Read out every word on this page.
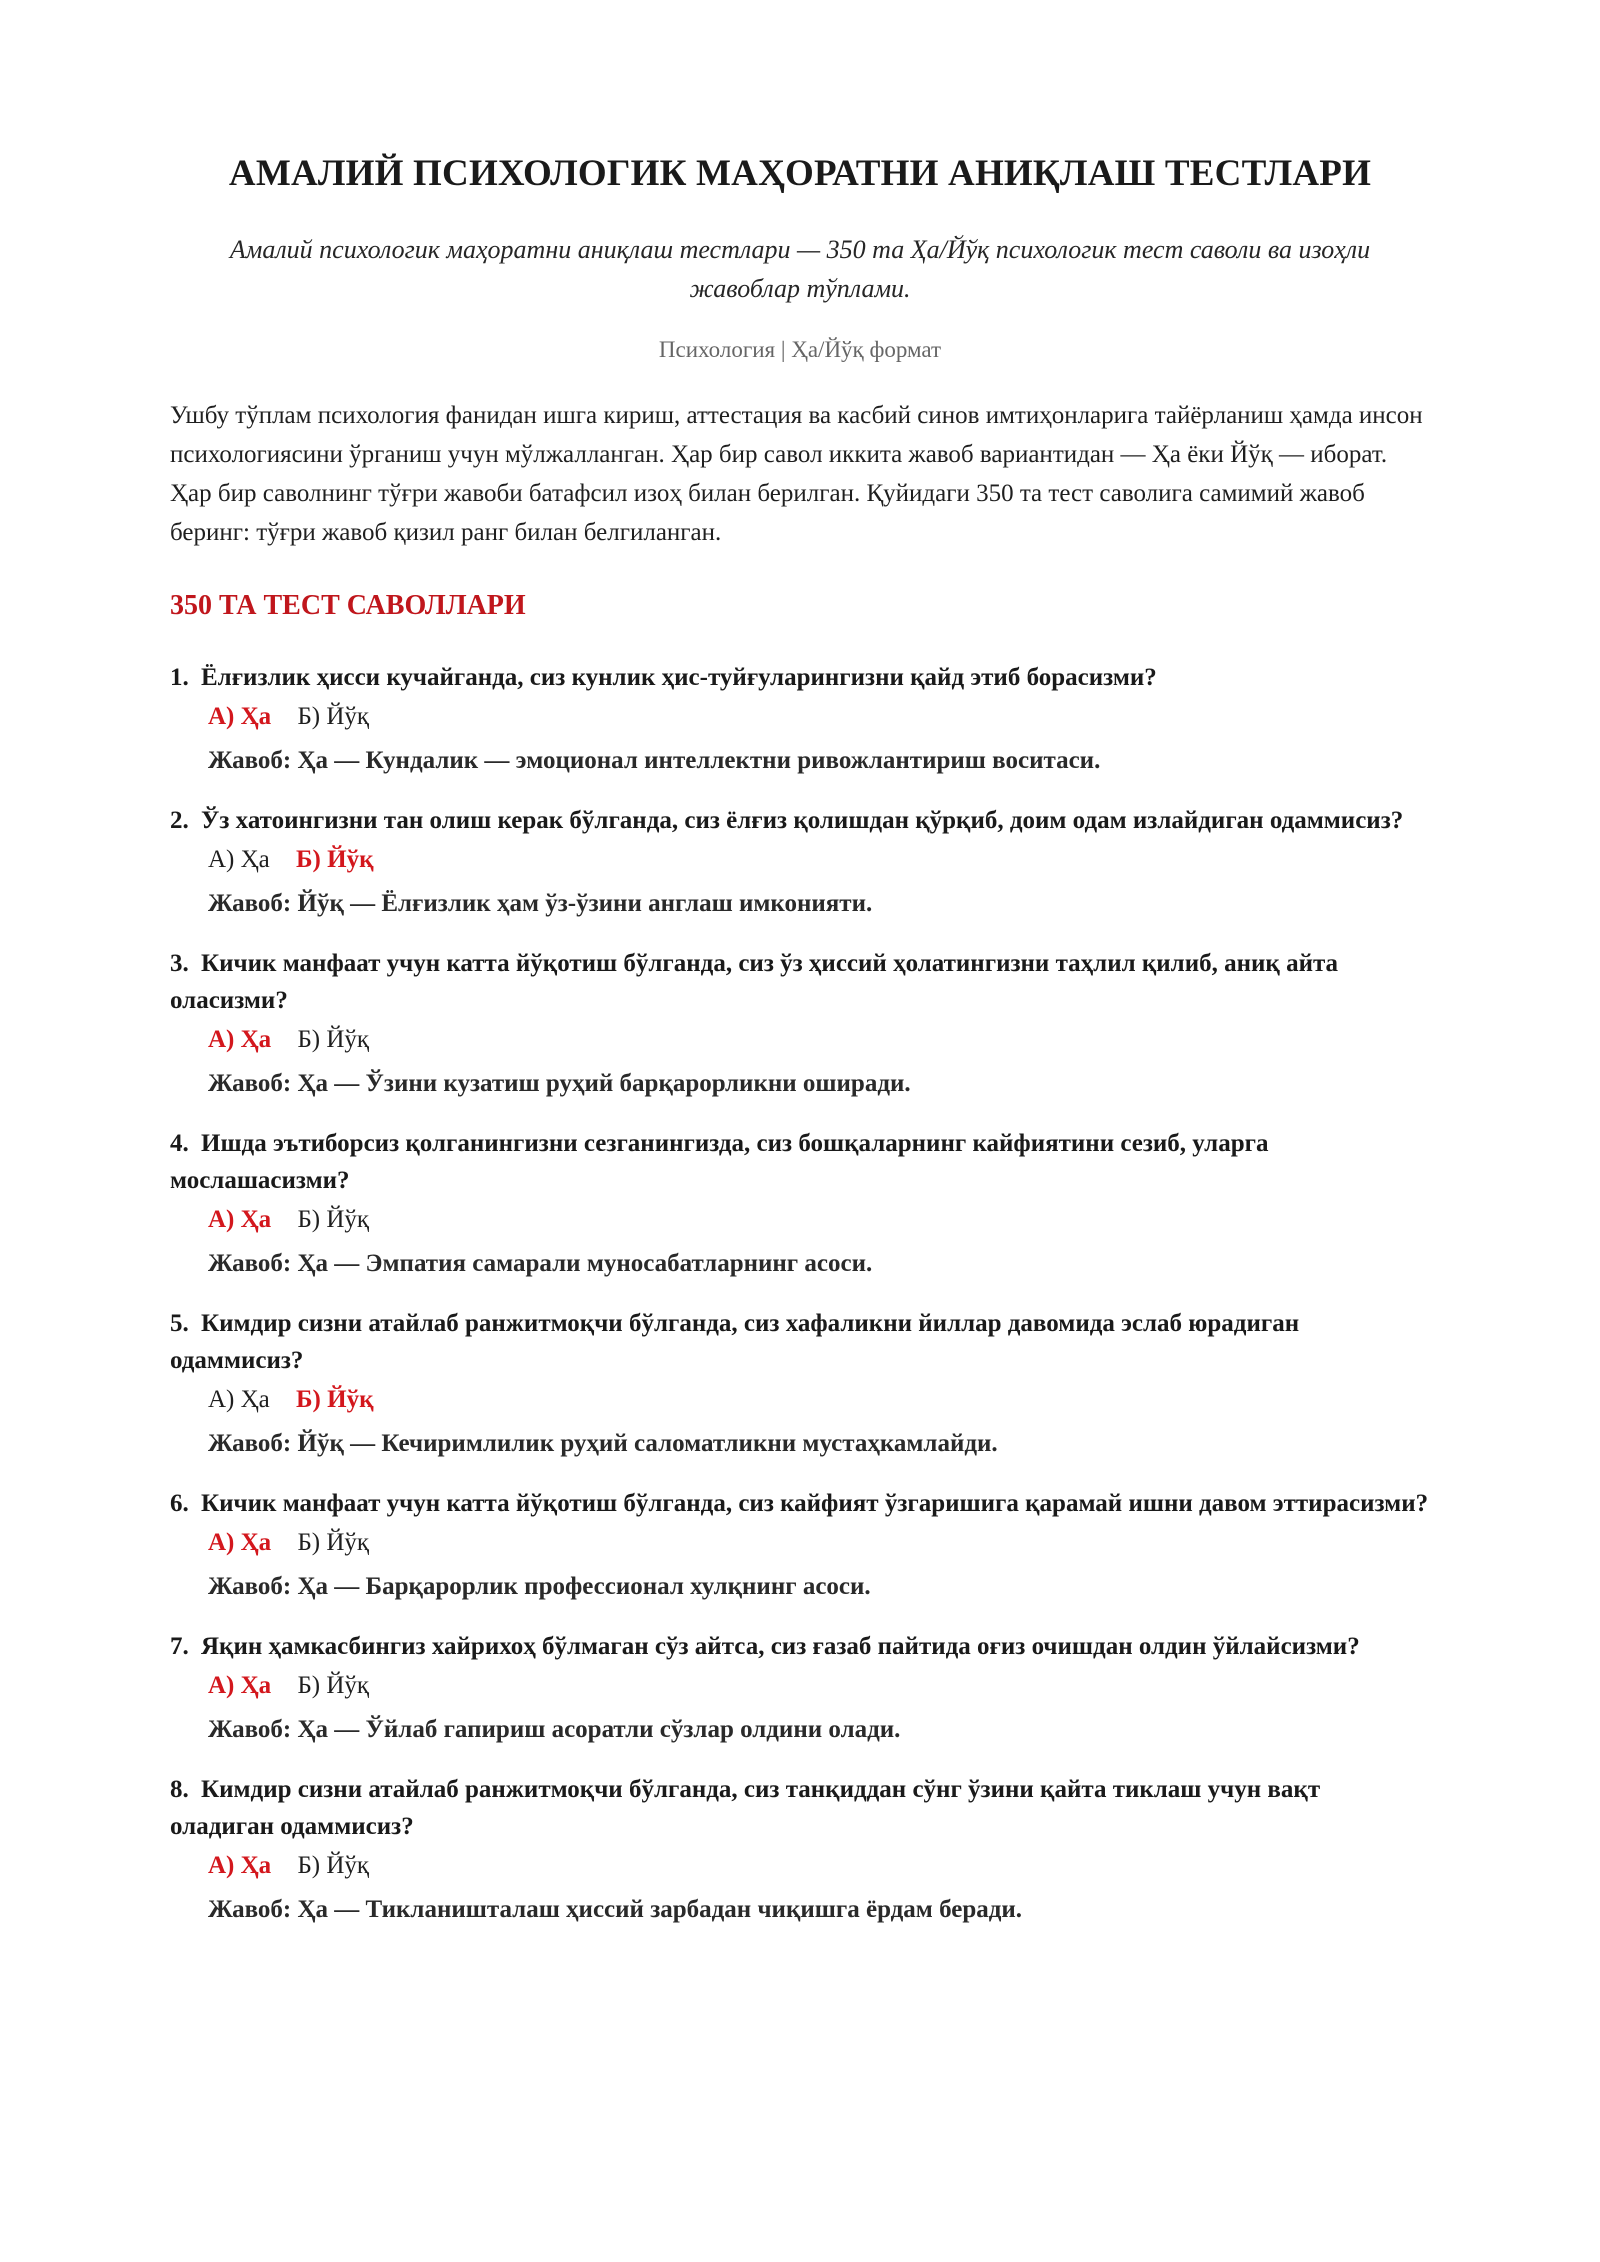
АМАЛИЙ ПСИХОЛОГИК МАҲОРАТНИ АНИҚЛАШ ТЕСТЛАРИ
Амалий психологик маҳоратни аниқлаш тестлари — 350 та Ҳа/Йўқ психологик тест саволи ва изоҳли жавоблар тўплами.
Психология | Ҳа/Йўқ формат

Ушбу тўплам психология фанидан ишга кириш, аттестация ва касбий синов имтиҳонларига тайёрланиш ҳамда инсон психологиясини ўрганиш учун мўлжалланган. Ҳар бир савол иккита жавоб вариантидан — Ҳа ёки Йўқ — иборат. Ҳар бир саволнинг тўғри жавоби батафсил изоҳ билан берилган. Қуйидаги 350 та тест саволига самимий жавоб беринг: тўғри жавоб қизил ранг билан белгиланган.

350 ТА ТЕСТ САВОЛЛАРИ
1. Ёлғизлик ҳисси кучайганда, сиз кунлик ҳис-туйғуларингизни қайд этиб борасизми?
А) Ҳа Б) Йўқ
Жавоб: Ҳа — Кундалик — эмоционал интеллектни ривожлантириш воситаси.
2. Ўз хатоингизни тан олиш керак бўлганда, сиз ёлғиз қолишдан қўрқиб, доим одам излайдиган одаммисиз?
А) Ҳа Б) Йўқ
Жавоб: Йўқ — Ёлғизлик ҳам ўз-ўзини англаш имконияти.
3. Кичик манфаат учун катта йўқотиш бўлганда, сиз ўз ҳиссий ҳолатингизни таҳлил қилиб, аниқ айта оласизми?
А) Ҳа Б) Йўқ
Жавоб: Ҳа — Ўзини кузатиш руҳий барқарорликни оширади.
4. Ишда эътиборсиз қолганингизни сезганингизда, сиз бошқаларнинг кайфиятини сезиб, уларга мослашасизми?
А) Ҳа Б) Йўқ
Жавоб: Ҳа — Эмпатия самарали муносабатларнинг асоси.
5. Кимдир сизни атайлаб ранжитмоқчи бўлганда, сиз хафаликни йиллар давомида эслаб юрадиган одаммисиз?
А) Ҳа Б) Йўқ
Жавоб: Йўқ — Кечиримлилик руҳий саломатликни мустаҳкамлайди.
6. Кичик манфаат учун катта йўқотиш бўлганда, сиз кайфият ўзгаришига қарамай ишни давом эттирасизми?
А) Ҳа Б) Йўқ
Жавоб: Ҳа — Барқарорлик профессионал хулқнинг асоси.
7. Яқин ҳамкасбингиз хайрихоҳ бўлмаган сўз айтса, сиз ғазаб пайтида оғиз очишдан олдин ўйлайсизми?
А) Ҳа Б) Йўқ
Жавоб: Ҳа — Ўйлаб гапириш асоратли сўзлар олдини олади.
8. Кимдир сизни атайлаб ранжитмоқчи бўлганда, сиз танқиддан сўнг ўзини қайта тиклаш учун вақт оладиган одаммисиз?
А) Ҳа Б) Йўқ
Жавоб: Ҳа — Тикланишталаш ҳиссий зарбадан чиқишга ёрдам беради.
